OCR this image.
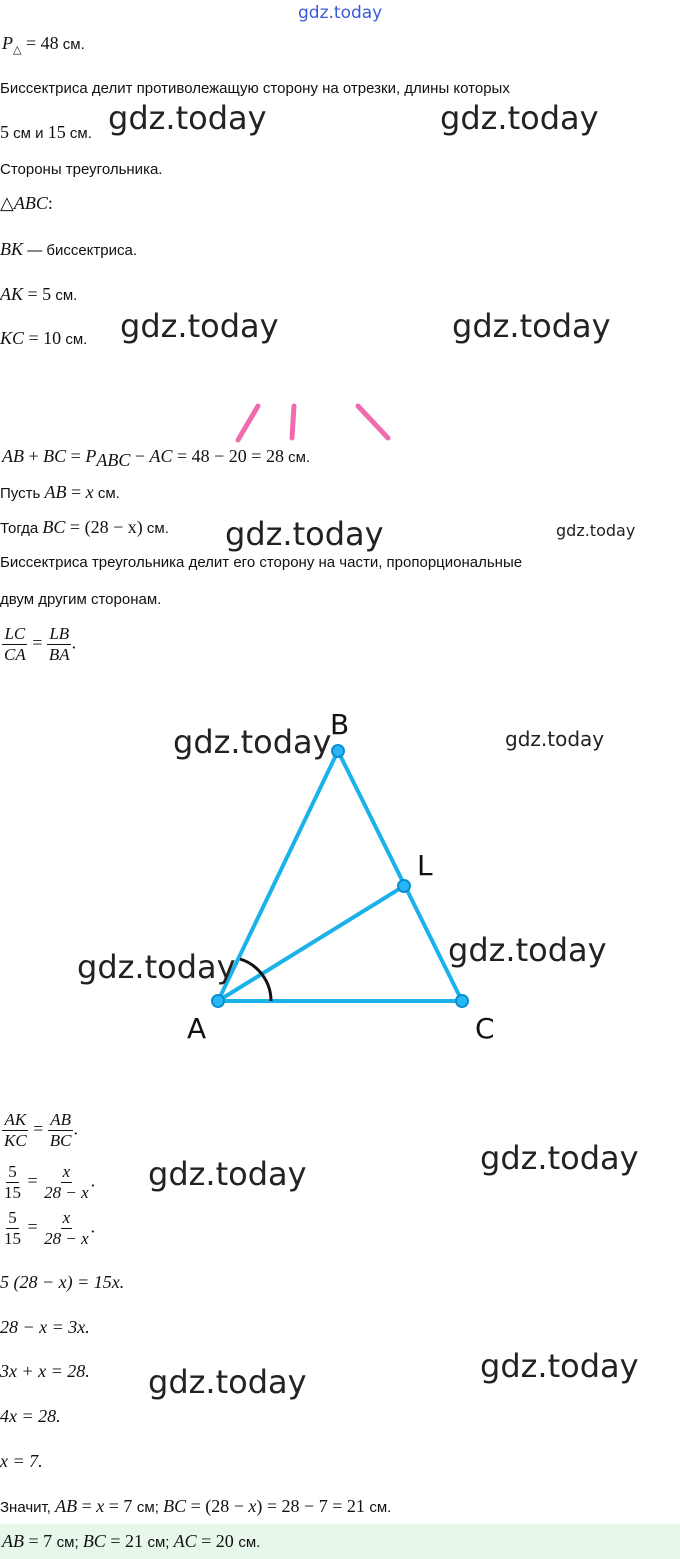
gdz.today
$P_\triangle = 48$ см.
Биссектриса делит противолежащую сторону на отрезки, длины которых
5 см и 15 см.
Стороны треугольника.
△ABC:
BK — биссектриса.
AK = 5 см.
KC = 10 см.
AB + BC = $P_{ABC}$ − AC = 48 − 20 = 28 см.
Пусть AB = x см.
Тогда BC = (28 − x) см.
Биссектриса треугольника делит его сторону на части, пропорциональные
двум другим сторонам.
$\frac{LC}{CA} = \frac{LB}{BA}$ .
B
L
A	C
$\frac{AK}{KC} = \frac{AB}{BC}$ .
$\frac{5}{15} = \frac{x}{28 - x}$ .
$\frac{5}{15} = \frac{x}{28 - x}$ .
5 (28 − x) = 15x.
28 − x = 3x.
3x + x = 28.
4x = 28.
x = 7.
Значит, AB = x = 7 см; BC = (28 − x) = 28 − 7 = 21 см.
AB = 7 см; BC = 21 см; AC = 20 см.
gdz.today	gdz.today
gdz.today	gdz.today
gdz.today	gdz.today
gdz.today	gdz.today
gdz.today
gdz.today
gdz.today
gdz.today
gdz.today
gdz.today
